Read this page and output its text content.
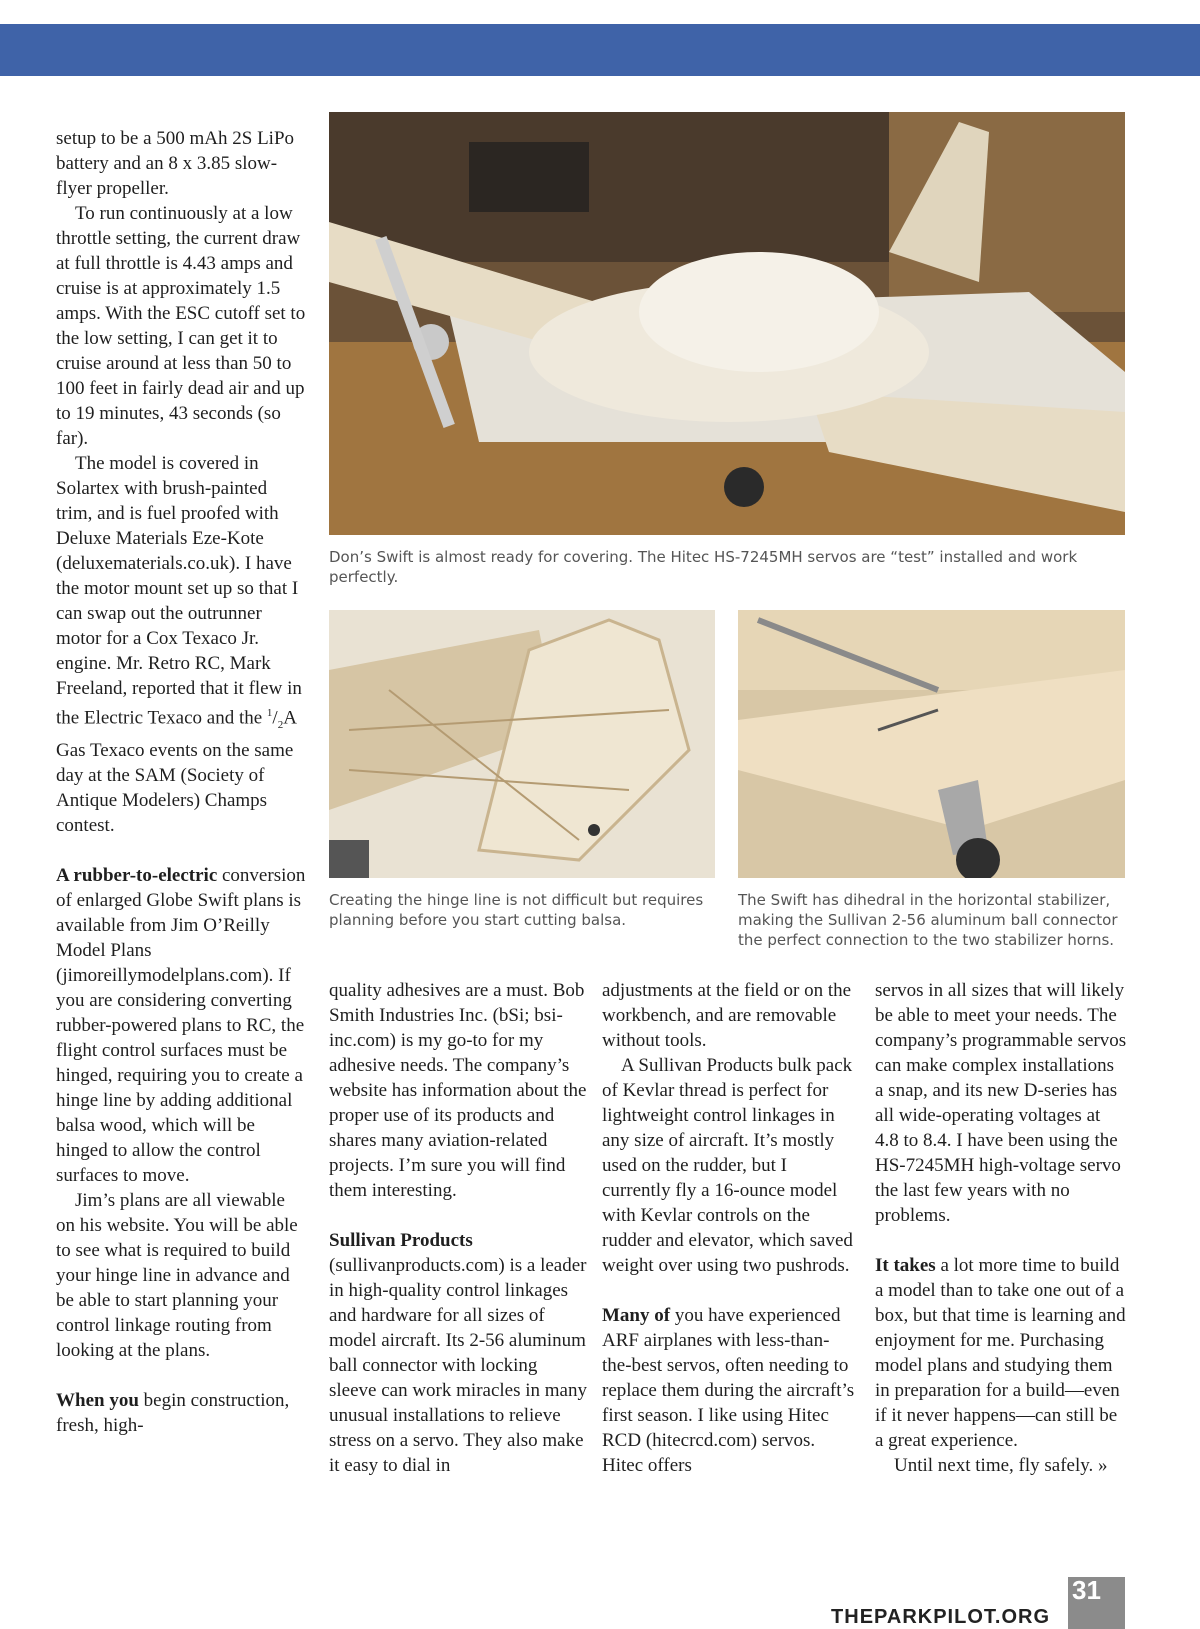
setup to be a 500 mAh 2S LiPo battery and an 8 x 3.85 slow-flyer propeller.

To run continuously at a low throttle setting, the current draw at full throttle is 4.43 amps and cruise is at approximately 1.5 amps. With the ESC cutoff set to the low setting, I can get it to cruise around at less than 50 to 100 feet in fairly dead air and up to 19 minutes, 43 seconds (so far).

The model is covered in Solartex with brush-painted trim, and is fuel proofed with Deluxe Materials Eze-Kote (deluxematerials.co.uk). I have the motor mount set up so that I can swap out the outrunner motor for a Cox Texaco Jr. engine. Mr. Retro RC, Mark Freeland, reported that it flew in the Electric Texaco and the $^1/_2A$ Gas Texaco events on the same day at the SAM (Society of Antique Modelers) Champs contest.

A rubber-to-electric conversion of enlarged Globe Swift plans is available from Jim O’Reilly Model Plans (jimoreillymodelplans.com). If you are considering converting rubber-powered plans to RC, the flight control surfaces must be hinged, requiring you to create a hinge line by adding additional balsa wood, which will be hinged to allow the control surfaces to move.

Jim’s plans are all viewable on his website. You will be able to see what is required to build your hinge line in advance and be able to start planning your control linkage routing from looking at the plans.

When you begin construction, fresh, high-

Don’s Swift is almost ready for covering. The Hitec HS-7245MH servos are “test” installed and work perfectly.
Creating the hinge line is not difficult but requires planning before you start cutting balsa.
The Swift has dihedral in the horizontal stabilizer, making the Sullivan 2-56 aluminum ball connector the perfect connection to the two stabilizer horns.

quality adhesives are a must. Bob Smith Industries Inc. (bSi; bsi-inc.com) is my go-to for my adhesive needs. The company’s website has information about the proper use of its products and shares many aviation-related projects. I’m sure you will find them interesting.

Sullivan Products (sullivanproducts.com) is a leader in high-quality control linkages and hardware for all sizes of model aircraft. Its 2-56 aluminum ball connector with locking sleeve can work miracles in many unusual installations to relieve stress on a servo. They also make it easy to dial in

adjustments at the field or on the workbench, and are removable without tools.

A Sullivan Products bulk pack of Kevlar thread is perfect for lightweight control linkages in any size of aircraft. It’s mostly used on the rudder, but I currently fly a 16-ounce model with Kevlar controls on the rudder and elevator, which saved weight over using two pushrods.

Many of you have experienced ARF airplanes with less-than-the-best servos, often needing to replace them during the aircraft’s first season. I like using Hitec RCD (hitecrcd.com) servos. Hitec offers

servos in all sizes that will likely be able to meet your needs. The company’s programmable servos can make complex installations a snap, and its new D-series has all wide-operating voltages at 4.8 to 8.4. I have been using the HS-7245MH high-voltage servo the last few years with no problems.

It takes a lot more time to build a model than to take one out of a box, but that time is learning and enjoyment for me. Purchasing model plans and studying them in preparation for a build—even if it never happens—can still be a great experience.

Until next time, fly safely. »

THEPARKPILOT.ORG
31
